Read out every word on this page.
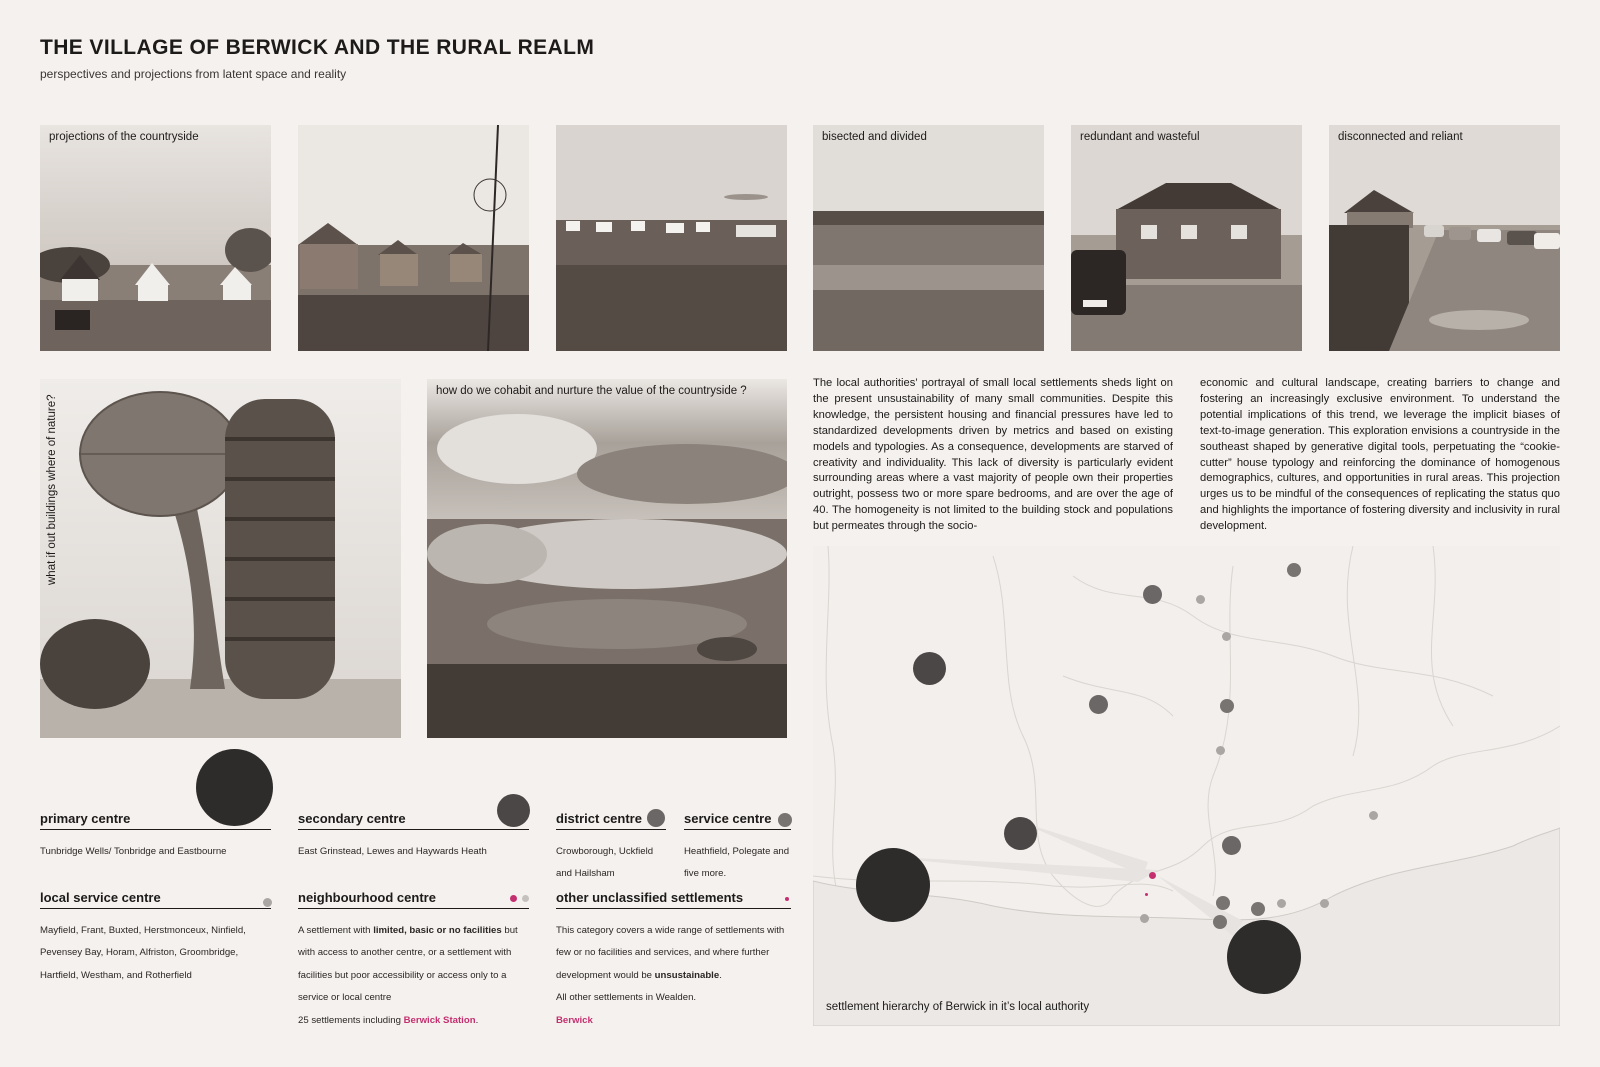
THE VILLAGE OF BERWICK AND THE RURAL REALM
perspectives and projections from latent space and reality
projections of the countryside	bisected and divided	redundant and wasteful	disconnected and reliant
what if out buildings where of nature?
how do we cohabit and nurture the value of the countryside ?

The local authorities’ portrayal of small local settlements sheds light on the present unsustainability of many small communities. Despite this knowledge, the persistent housing and financial pressures have led to standardized developments driven by metrics and based on existing models and typologies. As a consequence, developments are starved of creativity and individuality. This lack of diversity is particularly evident surrounding areas where a vast majority of people own their properties outright, possess two or more spare bedrooms, and are over the age of 40. The homogeneity is not limited to the building stock and populations but permeates through the socio-

economic and cultural landscape, creating barriers to change and fostering an increasingly exclusive environment. To understand the potential implications of this trend, we leverage the implicit biases of text-to-image generation. This exploration envisions a countryside in the southeast shaped by generative digital tools, perpetuating the “cookie-cutter” house typology and reinforcing the dominance of homogenous demographics, cultures, and opportunities in rural areas. This projection urges us to be mindful of the consequences of replicating the status quo and highlights the importance of fostering diversity and inclusivity in rural development.

primary centre
Tunbridge Wells/ Tonbridge and Eastbourne
secondary centre
East Grinstead, Lewes and Haywards Heath
district centre
Crowborough, Uckfield and Hailsham
service centre
Heathfield, Polegate and five more.
local service centre
Mayfield, Frant, Buxted, Herstmonceux, Ninfield, Pevensey Bay, Horam, Alfriston, Groombridge, Hartfield, Westham, and Rotherfield
neighbourhood centre
A settlement with limited, basic or no facilities but with access to another centre, or a settlement with facilities but poor accessibility or access only to a service or local centre
25 settlements including Berwick Station.
other unclassified settlements
This category covers a wide range of settlements with few or no facilities and services, and where further development would be unsustainable.
All other settlements in Wealden.
Berwick
settlement hierarchy of Berwick in it’s local authority
